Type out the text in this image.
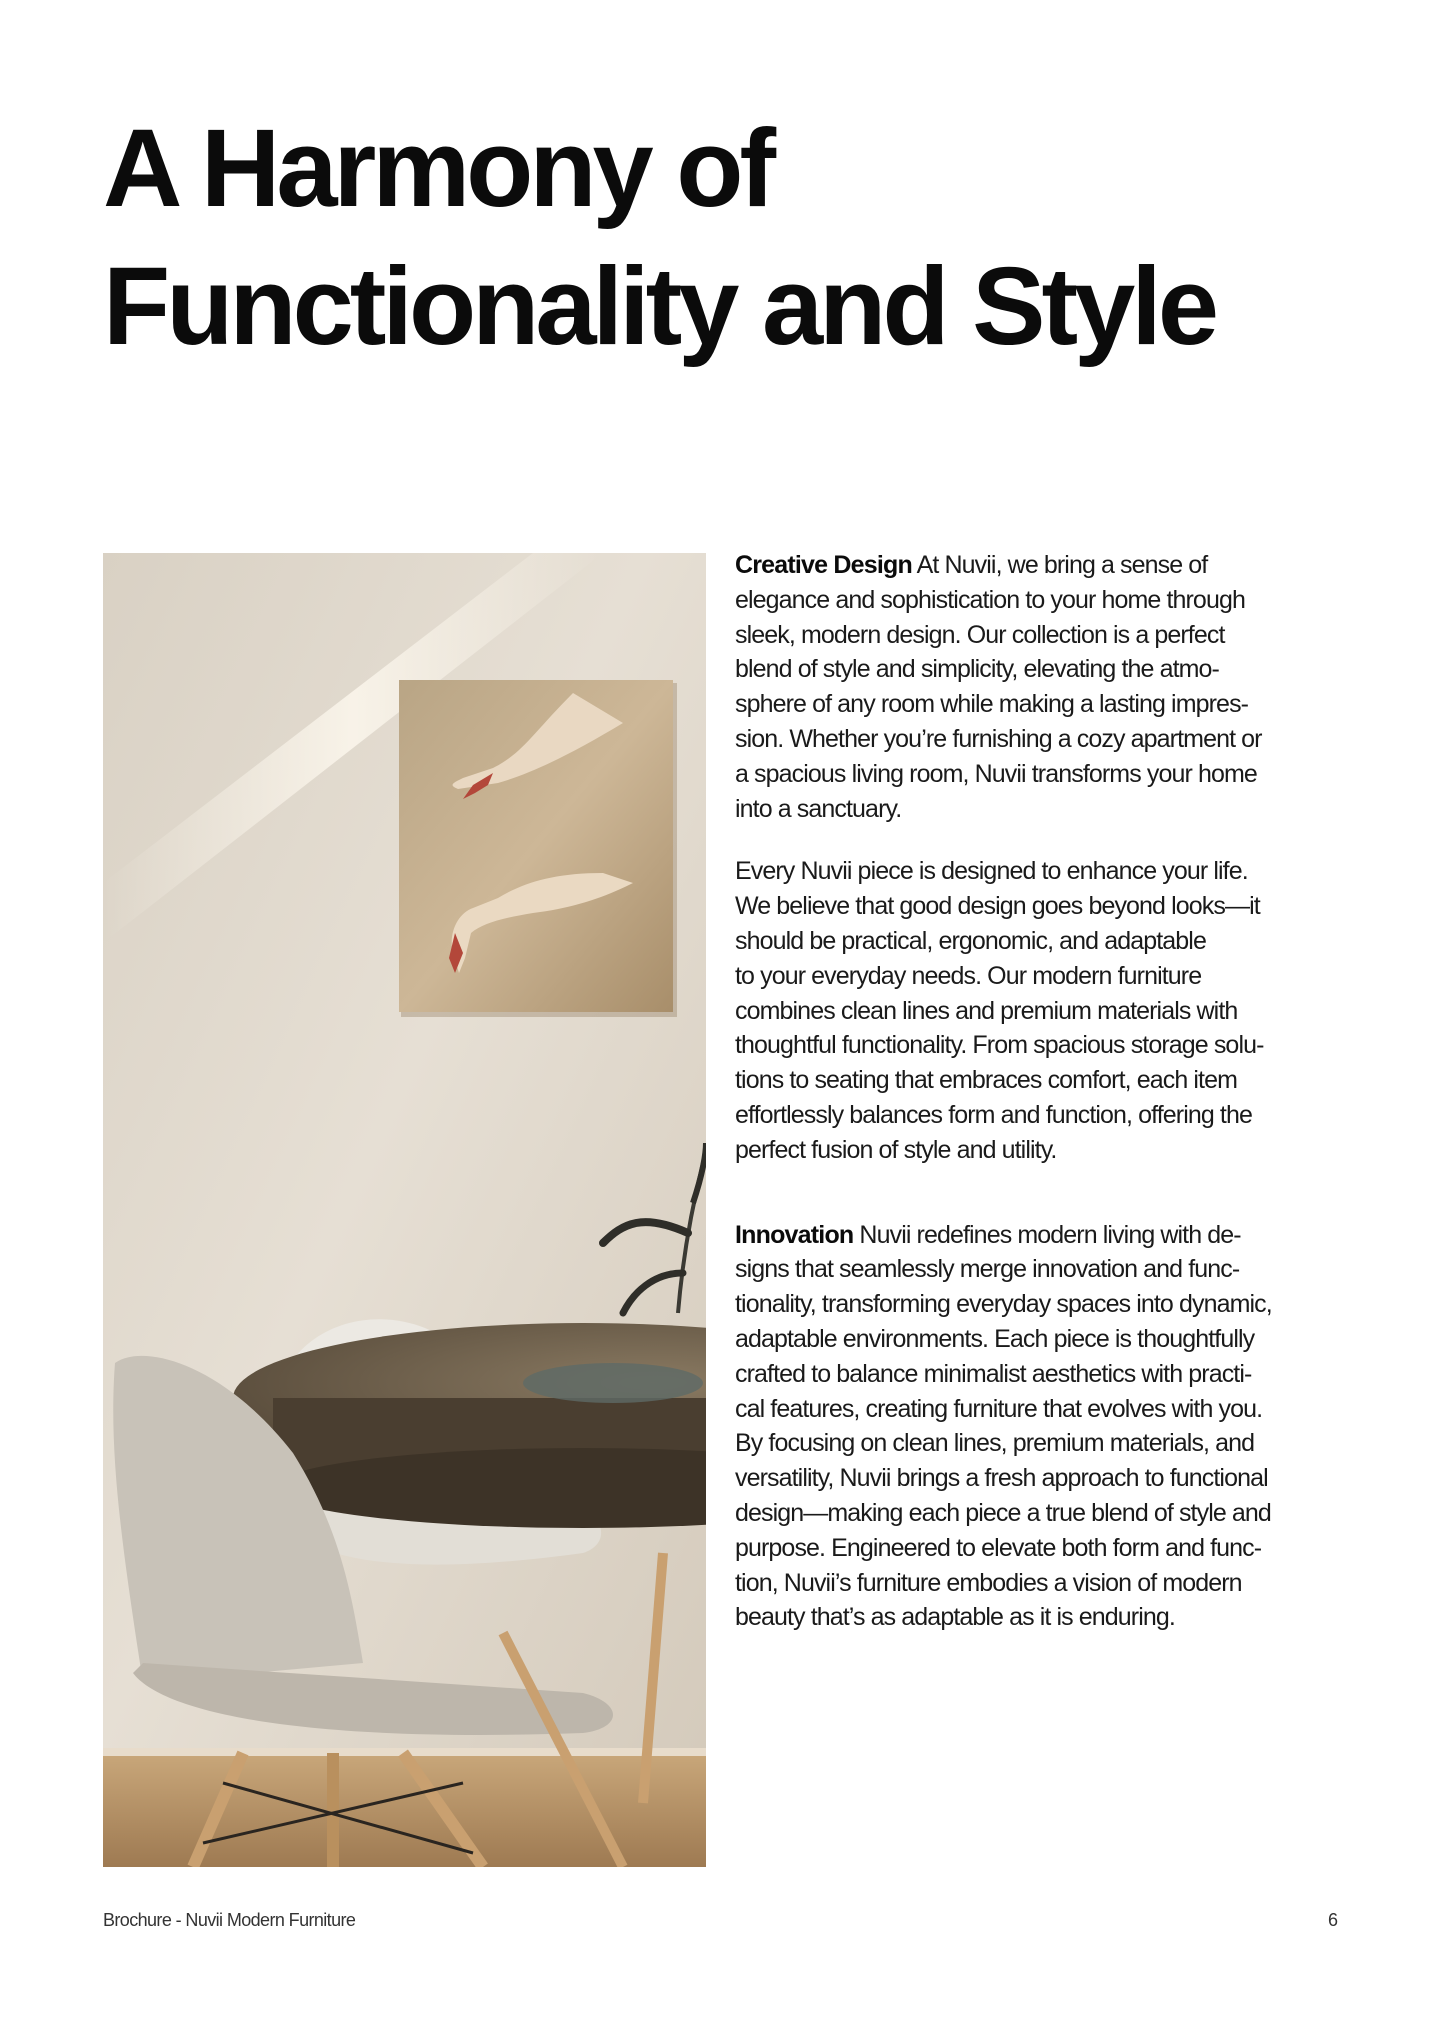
A Harmony of
Functionality and Style

Creative Design At Nuvii, we bring a sense of
elegance and sophistication to your home through
sleek, modern design. Our collection is a perfect
blend of style and simplicity, elevating the atmo-
sphere of any room while making a lasting impres-
sion. Whether you’re furnishing a cozy apartment or
a spacious living room, Nuvii transforms your home
into a sanctuary.

Every Nuvii piece is designed to enhance your life.
We believe that good design goes beyond looks—it
should be practical, ergonomic, and adaptable
to your everyday needs. Our modern furniture
combines clean lines and premium materials with
thoughtful functionality. From spacious storage solu-
tions to seating that embraces comfort, each item
effortlessly balances form and function, offering the
perfect fusion of style and utility.

Innovation Nuvii redefines modern living with de-
signs that seamlessly merge innovation and func-
tionality, transforming everyday spaces into dynamic,
adaptable environments. Each piece is thoughtfully
crafted to balance minimalist aesthetics with practi-
cal features, creating furniture that evolves with you.
By focusing on clean lines, premium materials, and
versatility, Nuvii brings a fresh approach to functional
design—making each piece a true blend of style and
purpose. Engineered to elevate both form and func-
tion, Nuvii’s furniture embodies a vision of modern
beauty that’s as adaptable as it is enduring.

Brochure - Nuvii Modern Furniture	6
